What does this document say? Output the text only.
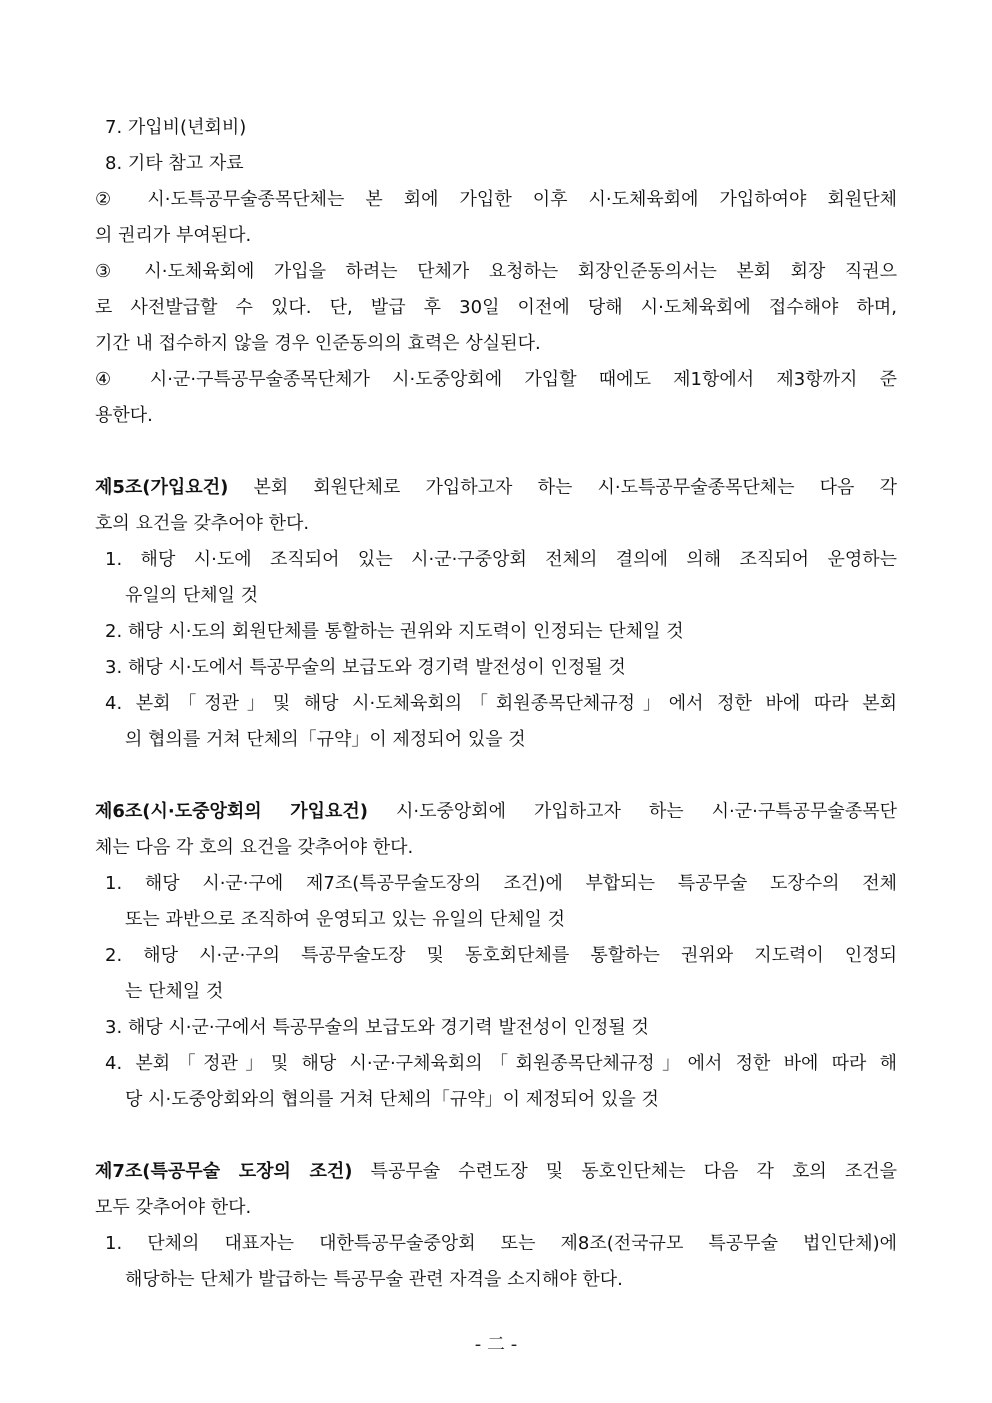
7. 가입비(년회비)
8. 기타 참고 자료
② 시·도특공무술종목단체는 본 회에 가입한 이후 시·도체육회에 가입하여야 회원단체
의 권리가 부여된다.
③ 시·도체육회에 가입을 하려는 단체가 요청하는 회장인준동의서는 본회 회장 직권으
로 사전발급할 수 있다. 단, 발급 후 30일 이전에 당해 시·도체육회에 접수해야 하며,
기간 내 접수하지 않을 경우 인준동의의 효력은 상실된다.
④ 시·군·구특공무술종목단체가 시·도중앙회에 가입할 때에도 제1항에서 제3항까지 준
용한다.
제5조(가입요건) 본회 회원단체로 가입하고자 하는 시·도특공무술종목단체는 다음 각
호의 요건을 갖추어야 한다.
1. 해당 시·도에 조직되어 있는 시·군·구중앙회 전체의 결의에 의해 조직되어 운영하는
유일의 단체일 것
2. 해당 시·도의 회원단체를 통할하는 권위와 지도력이 인정되는 단체일 것
3. 해당 시·도에서 특공무술의 보급도와 경기력 발전성이 인정될 것
4. 본회「정관」및 해당 시·도체육회의「회원종목단체규정」에서 정한 바에 따라 본회
의 협의를 거쳐 단체의「규약」이 제정되어 있을 것
제6조(시·도중앙회의 가입요건) 시·도중앙회에 가입하고자 하는 시·군·구특공무술종목단
체는 다음 각 호의 요건을 갖추어야 한다.
1. 해당 시·군·구에 제7조(특공무술도장의 조건)에 부합되는 특공무술 도장수의 전체
또는 과반으로 조직하여 운영되고 있는 유일의 단체일 것
2. 해당 시·군·구의 특공무술도장 및 동호회단체를 통할하는 권위와 지도력이 인정되
는 단체일 것
3. 해당 시·군·구에서 특공무술의 보급도와 경기력 발전성이 인정될 것
4. 본회「정관」및 해당 시·군·구체육회의「회원종목단체규정」에서 정한 바에 따라 해
당 시·도중앙회와의 협의를 거쳐 단체의「규약」이 제정되어 있을 것
제7조(특공무술 도장의 조건) 특공무술 수련도장 및 동호인단체는 다음 각 호의 조건을
모두 갖추어야 한다.
1. 단체의 대표자는 대한특공무술중앙회 또는 제8조(전국규모 특공무술 법인단체)에
해당하는 단체가 발급하는 특공무술 관련 자격을 소지해야 한다.
- 二 -
